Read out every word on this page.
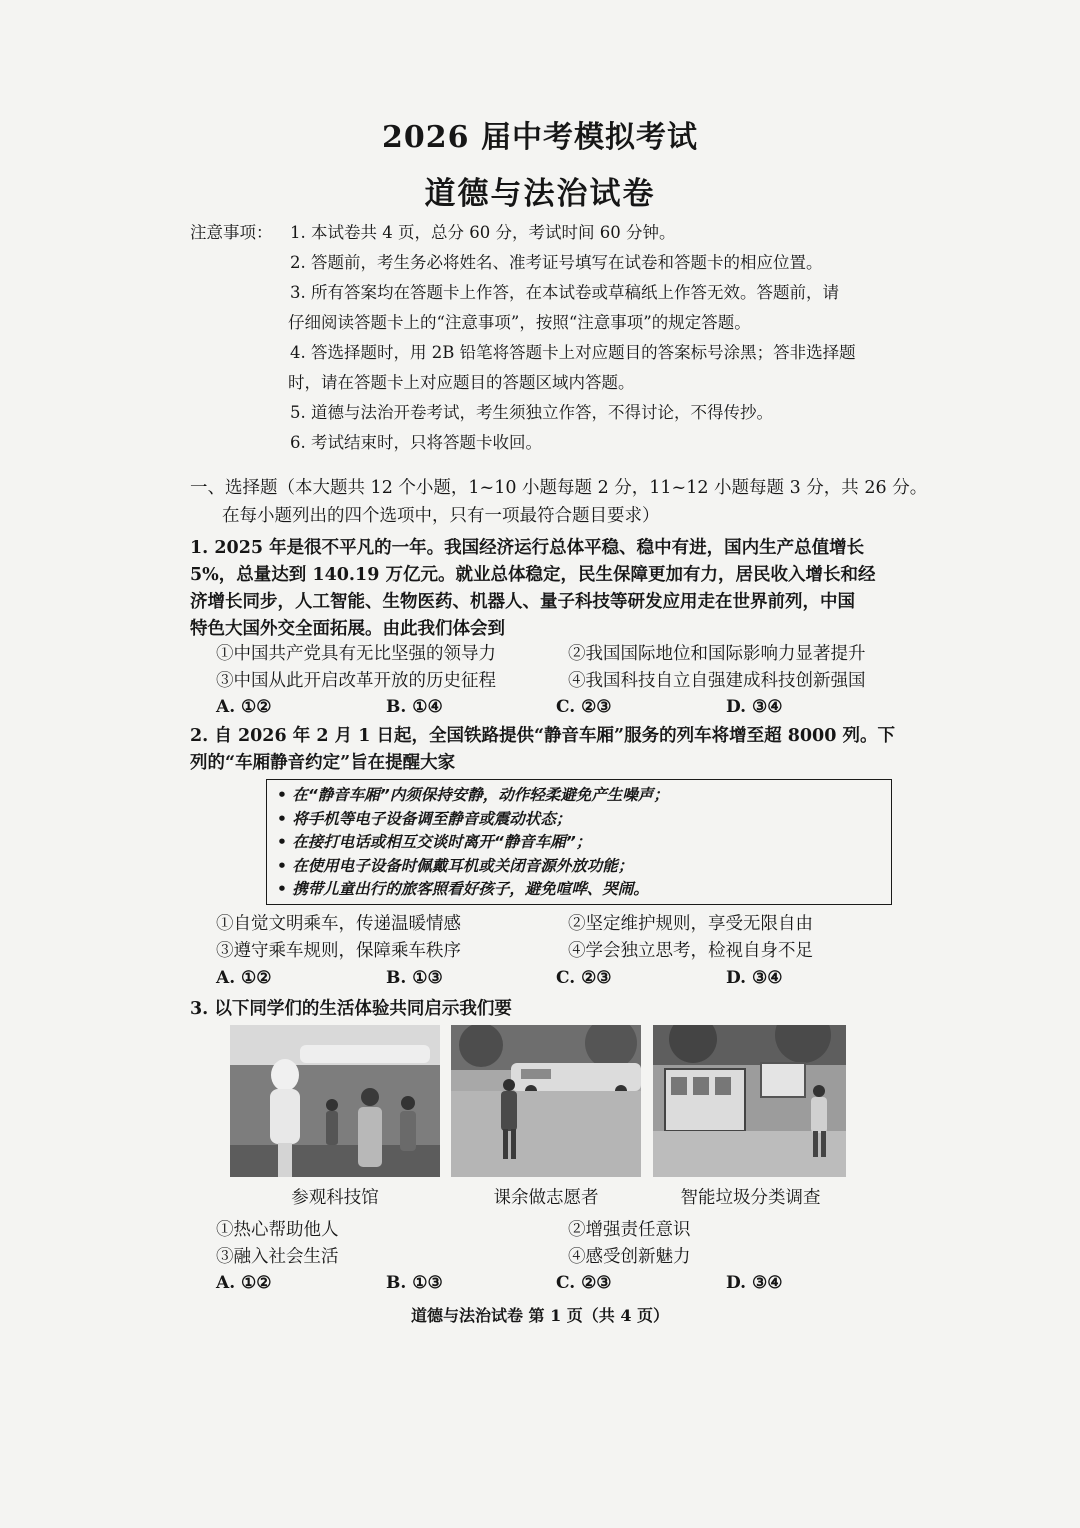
2026 届中考模拟考试
道德与法治试卷
注意事项： 1. 本试卷共 4 页，总分 60 分，考试时间 60 分钟。
2. 答题前，考生务必将姓名、准考证号填写在试卷和答题卡的相应位置。
3. 所有答案均在答题卡上作答，在本试卷或草稿纸上作答无效。答题前，请
仔细阅读答题卡上的“注意事项”，按照“注意事项”的规定答题。
4. 答选择题时，用 2B 铅笔将答题卡上对应题目的答案标号涂黑；答非选择题
时，请在答题卡上对应题目的答题区域内答题。
5. 道德与法治开卷考试，考生须独立作答，不得讨论，不得传抄。
6. 考试结束时，只将答题卡收回。
一、选择题（本大题共 12 个小题，1~10 小题每题 2 分，11~12 小题每题 3 分，共 26 分。
在每小题列出的四个选项中，只有一项最符合题目要求）
1. 2025 年是很不平凡的一年。我国经济运行总体平稳、稳中有进，国内生产总值增长
5%，总量达到 140.19 万亿元。就业总体稳定，民生保障更加有力，居民收入增长和经
济增长同步，人工智能、生物医药、机器人、量子科技等研发应用走在世界前列，中国
特色大国外交全面拓展。由此我们体会到
①中国共产党具有无比坚强的领导力	②我国国际地位和国际影响力显著提升
③中国从此开启改革开放的历史征程	④我国科技自立自强建成科技创新强国
A. ①②	B. ①④	C. ②③	D. ③④
2. 自 2026 年 2 月 1 日起，全国铁路提供“静音车厢”服务的列车将增至超 8000 列。下
列的“车厢静音约定”旨在提醒大家
• 在“静音车厢”内须保持安静，动作轻柔避免产生噪声；
• 将手机等电子设备调至静音或震动状态；
• 在接打电话或相互交谈时离开“静音车厢”；
• 在使用电子设备时佩戴耳机或关闭音源外放功能；
• 携带儿童出行的旅客照看好孩子，避免喧哗、哭闹。
①自觉文明乘车，传递温暖情感	②坚定维护规则，享受无限自由
③遵守乘车规则，保障乘车秩序	④学会独立思考，检视自身不足
A. ①②	B. ①③	C. ②③	D. ③④
3. 以下同学们的生活体验共同启示我们要
参观科技馆	课余做志愿者	智能垃圾分类调查
①热心帮助他人	②增强责任意识
③融入社会生活	④感受创新魅力
A. ①②	B. ①③	C. ②③	D. ③④
道德与法治试卷 第 1 页（共 4 页）
